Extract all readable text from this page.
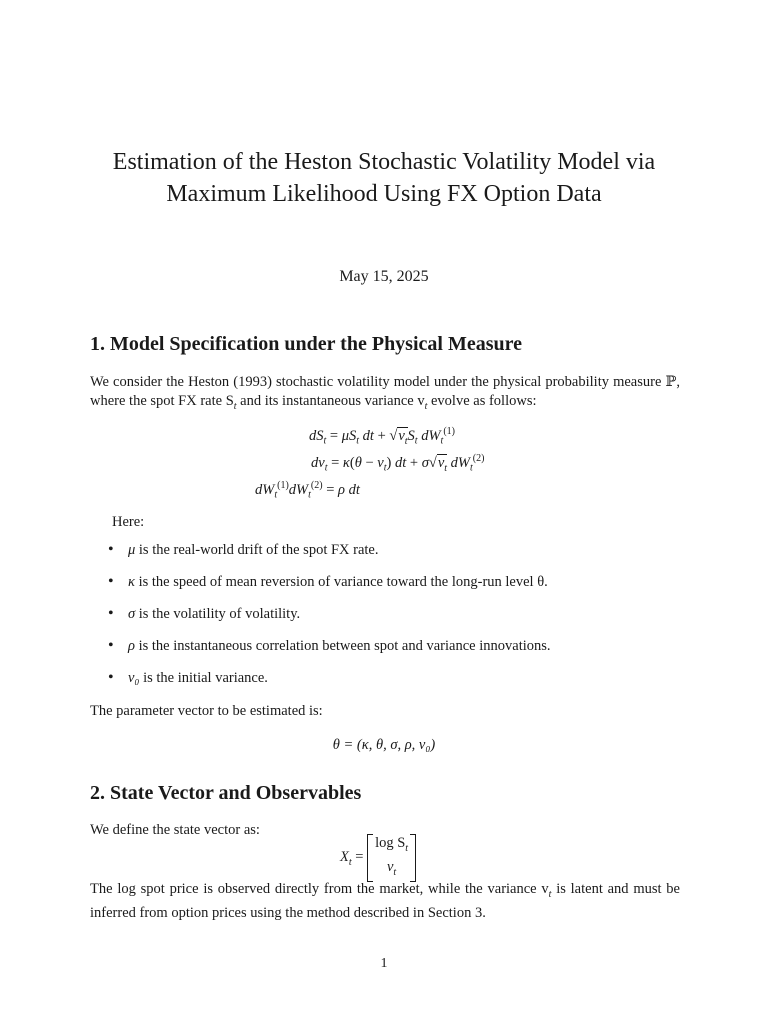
Estimation of the Heston Stochastic Volatility Model via Maximum Likelihood Using FX Option Data
May 15, 2025
1. Model Specification under the Physical Measure
We consider the Heston (1993) stochastic volatility model under the physical probability measure ℙ, where the spot FX rate $S_t$ and its instantaneous variance $v_t$ evolve as follows:
$dS_t = \mu S_t$ dt + $√v_tS_t$ $dW_t^{(1)}$
$dv_t = \kappa(\theta - v_t)$ dt + $\sigma√v_t$ $dW_t^{(2)}$
$dW_t^{(1)}dW_t^{(2)} = \rho$ dt
Here:
• μ is the real-world drift of the spot FX rate.
• κ is the speed of mean reversion of variance toward the long-run level θ.
• σ is the volatility of volatility.
• ρ is the instantaneous correlation between spot and variance innovations.
• v₀ is the initial variance.
The parameter vector to be estimated is:
θ = (κ, θ, σ, ρ, v₀)
2. State Vector and Observables
We define the state vector as:
$X_t$ =
$\log S_t$
$v_t$
The log spot price is observed directly from the market, while the variance $v_t$ is latent and must be inferred from option prices using the method described in Section 3.
1
